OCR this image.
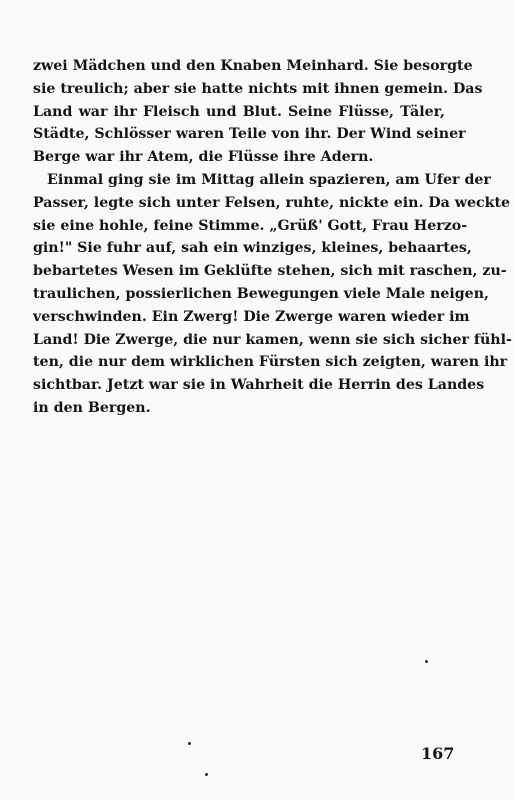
zwei Mädchen und den Knaben Meinhard. Sie besorgte
sie treulich; aber sie hatte nichts mit ihnen gemein. Das
Land war ihr Fleisch und Blut. Seine Flüsse, Täler,
Städte, Schlösser waren Teile von ihr. Der Wind seiner
Berge war ihr Atem, die Flüsse ihre Adern.
Einmal ging sie im Mittag allein spazieren, am Ufer der
Passer, legte sich unter Felsen, ruhte, nickte ein. Da weckte
sie eine hohle, feine Stimme. „Grüß' Gott, Frau Herzo-
gin!" Sie fuhr auf, sah ein winziges, kleines, behaartes,
bebartetes Wesen im Geklüfte stehen, sich mit raschen, zu-
traulichen, possierlichen Bewegungen viele Male neigen,
verschwinden. Ein Zwerg! Die Zwerge waren wieder im
Land! Die Zwerge, die nur kamen, wenn sie sich sicher fühl-
ten, die nur dem wirklichen Fürsten sich zeigten, waren ihr
sichtbar. Jetzt war sie in Wahrheit die Herrin des Landes
in den Bergen.
167
